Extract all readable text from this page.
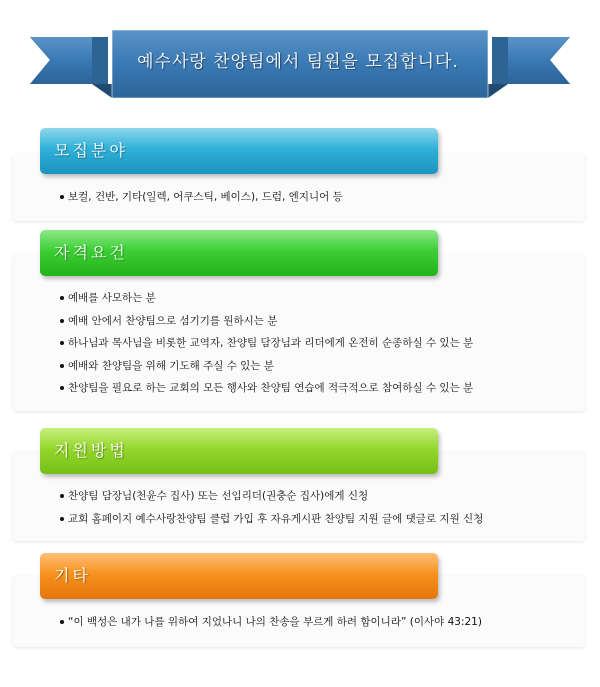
예수사랑 찬양팀에서 팀원을 모집합니다.
모집분야
보컬, 건반, 기타(일렉, 어쿠스틱, 베이스), 드럼, 엔지니어 등
자격요건
예배를 사모하는 분
예배 안에서 찬양팀으로 섬기기를 원하시는 분
하나님과 목사님을 비롯한 교역자, 찬양팀 담장님과 리더에게 온전히 순종하실 수 있는 분
예배와 찬양팀을 위해 기도해 주실 수 있는 분
찬양팀을 필요로 하는 교회의 모든 행사와 찬양팀 연습에 적극적으로 참여하실 수 있는 분
지원방법
찬양팀 담장님(천윤수 집사) 또는 선임리더(권충순 집사)에게 신청
교회 홈페이지 예수사랑찬양팀 클럽 가입 후 자유게시판 찬양팀 지원 글에 댓글로 지원 신청
기타
“이 백성은 내가 나를 위하여 지었나니 나의 찬송을 부르게 하려 함이니라” (이사야 43:21)
